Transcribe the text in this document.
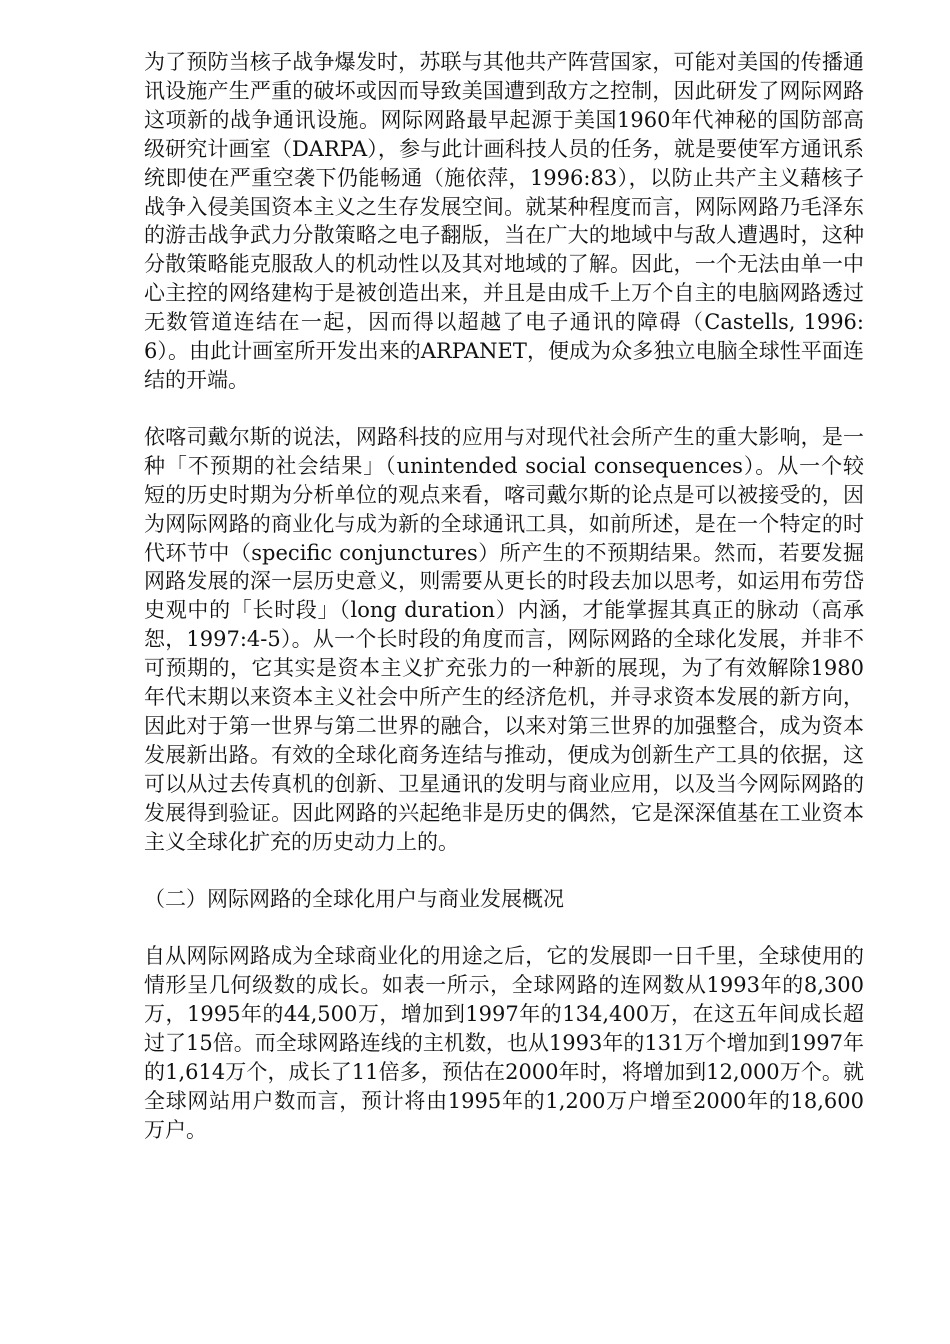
为了预防当核子战争爆发时，苏联与其他共产阵营国家，可能对美国的传播通讯设施产生严重的破坏或因而导致美国遭到敌方之控制，因此研发了网际网路这项新的战争通讯设施。网际网路最早起源于美国1960年代神秘的国防部高级研究计画室（DARPA），参与此计画科技人员的任务，就是要使军方通讯系统即使在严重空袭下仍能畅通（施依萍，1996:83），以防止共产主义藉核子战争入侵美国资本主义之生存发展空间。就某种程度而言，网际网路乃毛泽东的游击战争武力分散策略之电子翻版，当在广大的地域中与敌人遭遇时，这种分散策略能克服敌人的机动性以及其对地域的了解。因此，一个无法由单一中心主控的网络建构于是被创造出来，并且是由成千上万个自主的电脑网路透过无数管道连结在一起，因而得以超越了电子通讯的障碍（Castells, 1996:6）。由此计画室所开发出来的ARPANET，便成为众多独立电脑全球性平面连结的开端。

依喀司戴尔斯的说法，网路科技的应用与对现代社会所产生的重大影响，是一种「不预期的社会结果」（unintended social consequences）。从一个较短的历史时期为分析单位的观点来看，喀司戴尔斯的论点是可以被接受的，因为网际网路的商业化与成为新的全球通讯工具，如前所述，是在一个特定的时代环节中（specific conjunctures）所产生的不预期结果。然而，若要发掘网路发展的深一层历史意义，则需要从更长的时段去加以思考，如运用布劳岱史观中的「长时段」（long duration）内涵，才能掌握其真正的脉动（高承恕，1997:4-5）。从一个长时段的角度而言，网际网路的全球化发展，并非不可预期的，它其实是资本主义扩充张力的一种新的展现，为了有效解除1980年代末期以来资本主义社会中所产生的经济危机，并寻求资本发展的新方向，因此对于第一世界与第二世界的融合，以来对第三世界的加强整合，成为资本发展新出路。有效的全球化商务连结与推动，便成为创新生产工具的依据，这可以从过去传真机的创新、卫星通讯的发明与商业应用，以及当今网际网路的发展得到验证。因此网路的兴起绝非是历史的偶然，它是深深值基在工业资本主义全球化扩充的历史动力上的。

（二）网际网路的全球化用户与商业发展概况

自从网际网路成为全球商业化的用途之后，它的发展即一日千里，全球使用的情形呈几何级数的成长。如表一所示，全球网路的连网数从1993年的8,300万，1995年的44,500万，增加到1997年的134,400万，在这五年间成长超过了15倍。而全球网路连线的主机数，也从1993年的131万个增加到1997年的1,614万个，成长了11倍多，预估在2000年时，将增加到12,000万个。就全球网站用户数而言，预计将由1995年的1,200万户增至2000年的18,600万户。
